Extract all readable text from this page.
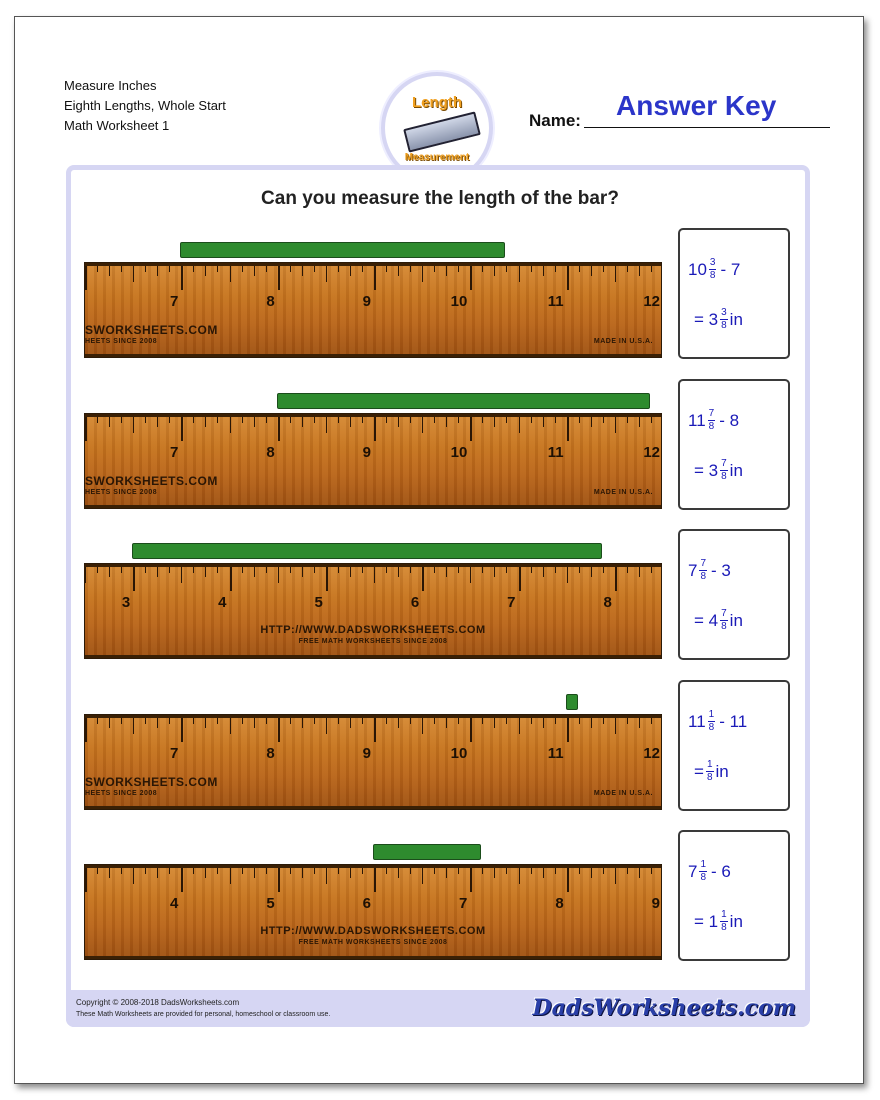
Measure Inches
Eighth Lengths, Whole Start
Math Worksheet 1
Length
Measurement
Name: Answer Key
Can you measure the length of the bar?
7	8	9	10	11	12
SWORKSHEETS.COM
HEETS SINCE 2008	MADE IN U.S.A.
$10 \frac{3}{8} - 7$
= $3 \frac{3}{8}$ in
7	8	9	10	11	12
SWORKSHEETS.COM
HEETS SINCE 2008	MADE IN U.S.A.
$11 \frac{7}{8} - 8$
= $3 \frac{7}{8}$ in
3	4	5	6	7	8
HTTP://WWW.DADSWORKSHEETS.COM
FREE MATH WORKSHEETS SINCE 2008
$7 \frac{7}{8} - 3$
= $4 \frac{7}{8}$ in
7	8	9	10	11	12
SWORKSHEETS.COM
HEETS SINCE 2008	MADE IN U.S.A.
$11 \frac{1}{8} - 11$
= $\frac{1}{8}$ in
4	5	6	7	8	9
HTTP://WWW.DADSWORKSHEETS.COM
FREE MATH WORKSHEETS SINCE 2008
$7 \frac{1}{8} - 6$
= $1 \frac{1}{8}$ in
Copyright © 2008-2018 DadsWorksheets.com
These Math Worksheets are provided for personal, homeschool or classroom use.	DadsWorksheets.com
